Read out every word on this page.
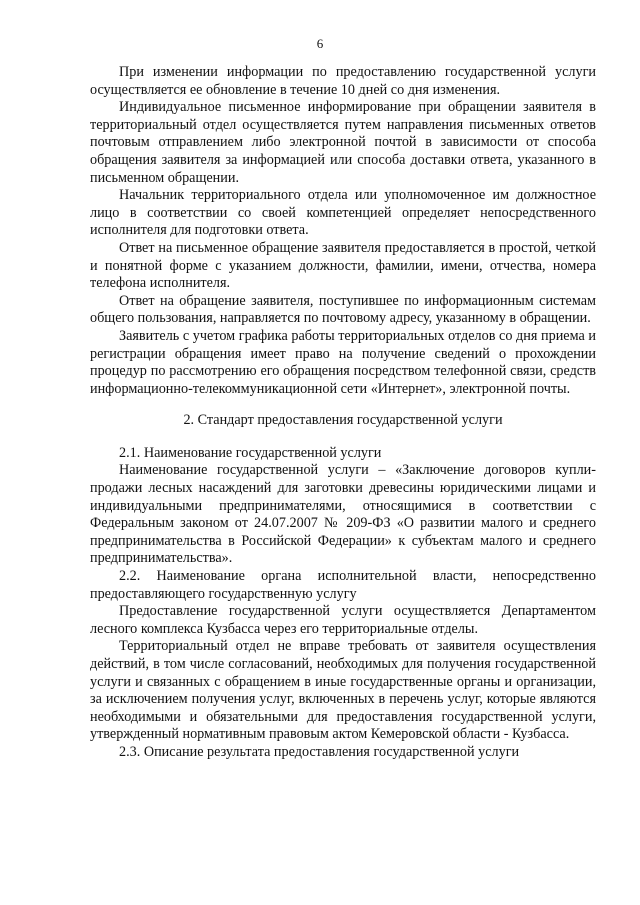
6

При изменении информации по предоставлению государственной услуги осуществляется ее обновление в течение 10 дней со дня изменения.

Индивидуальное письменное информирование при обращении заявителя в территориальный отдел осуществляется путем направления письменных ответов почтовым отправлением либо электронной почтой в зависимости от способа обращения заявителя за информацией или способа доставки ответа, указанного в письменном обращении.

Начальник территориального отдела или уполномоченное им должностное лицо в соответствии со своей компетенцией определяет непосредственного исполнителя для подготовки ответа.

Ответ на письменное обращение заявителя предоставляется в простой, четкой и понятной форме с указанием должности, фамилии, имени, отчества, номера телефона исполнителя.

Ответ на обращение заявителя, поступившее по информационным системам общего пользования, направляется по почтовому адресу, указанному в обращении.

Заявитель с учетом графика работы территориальных отделов со дня приема и регистрации обращения имеет право на получение сведений о прохождении процедур по рассмотрению его обращения посредством телефонной связи, средств информационно-телекоммуникационной сети «Интернет», электронной почты.

2. Стандарт предоставления государственной услуги

2.1. Наименование государственной услуги

Наименование государственной услуги – «Заключение договоров купли-продажи лесных насаждений для заготовки древесины юридическими лицами и индивидуальными предпринимателями, относящимися в соответствии с Федеральным законом от 24.07.2007 № 209-ФЗ «О развитии малого и среднего предпринимательства в Российской Федерации» к субъектам малого и среднего предпринимательства».

2.2. Наименование органа исполнительной власти, непосредственно предоставляющего государственную услугу

Предоставление государственной услуги осуществляется Департаментом лесного комплекса Кузбасса через его территориальные отделы.

Территориальный отдел не вправе требовать от заявителя осуществления действий, в том числе согласований, необходимых для получения государственной услуги и связанных с обращением в иные государственные органы и организации, за исключением получения услуг, включенных в перечень услуг, которые являются необходимыми и обязательными для предоставления государственной услуги, утвержденный нормативным правовым актом Кемеровской области - Кузбасса.

2.3. Описание результата предоставления государственной услуги
